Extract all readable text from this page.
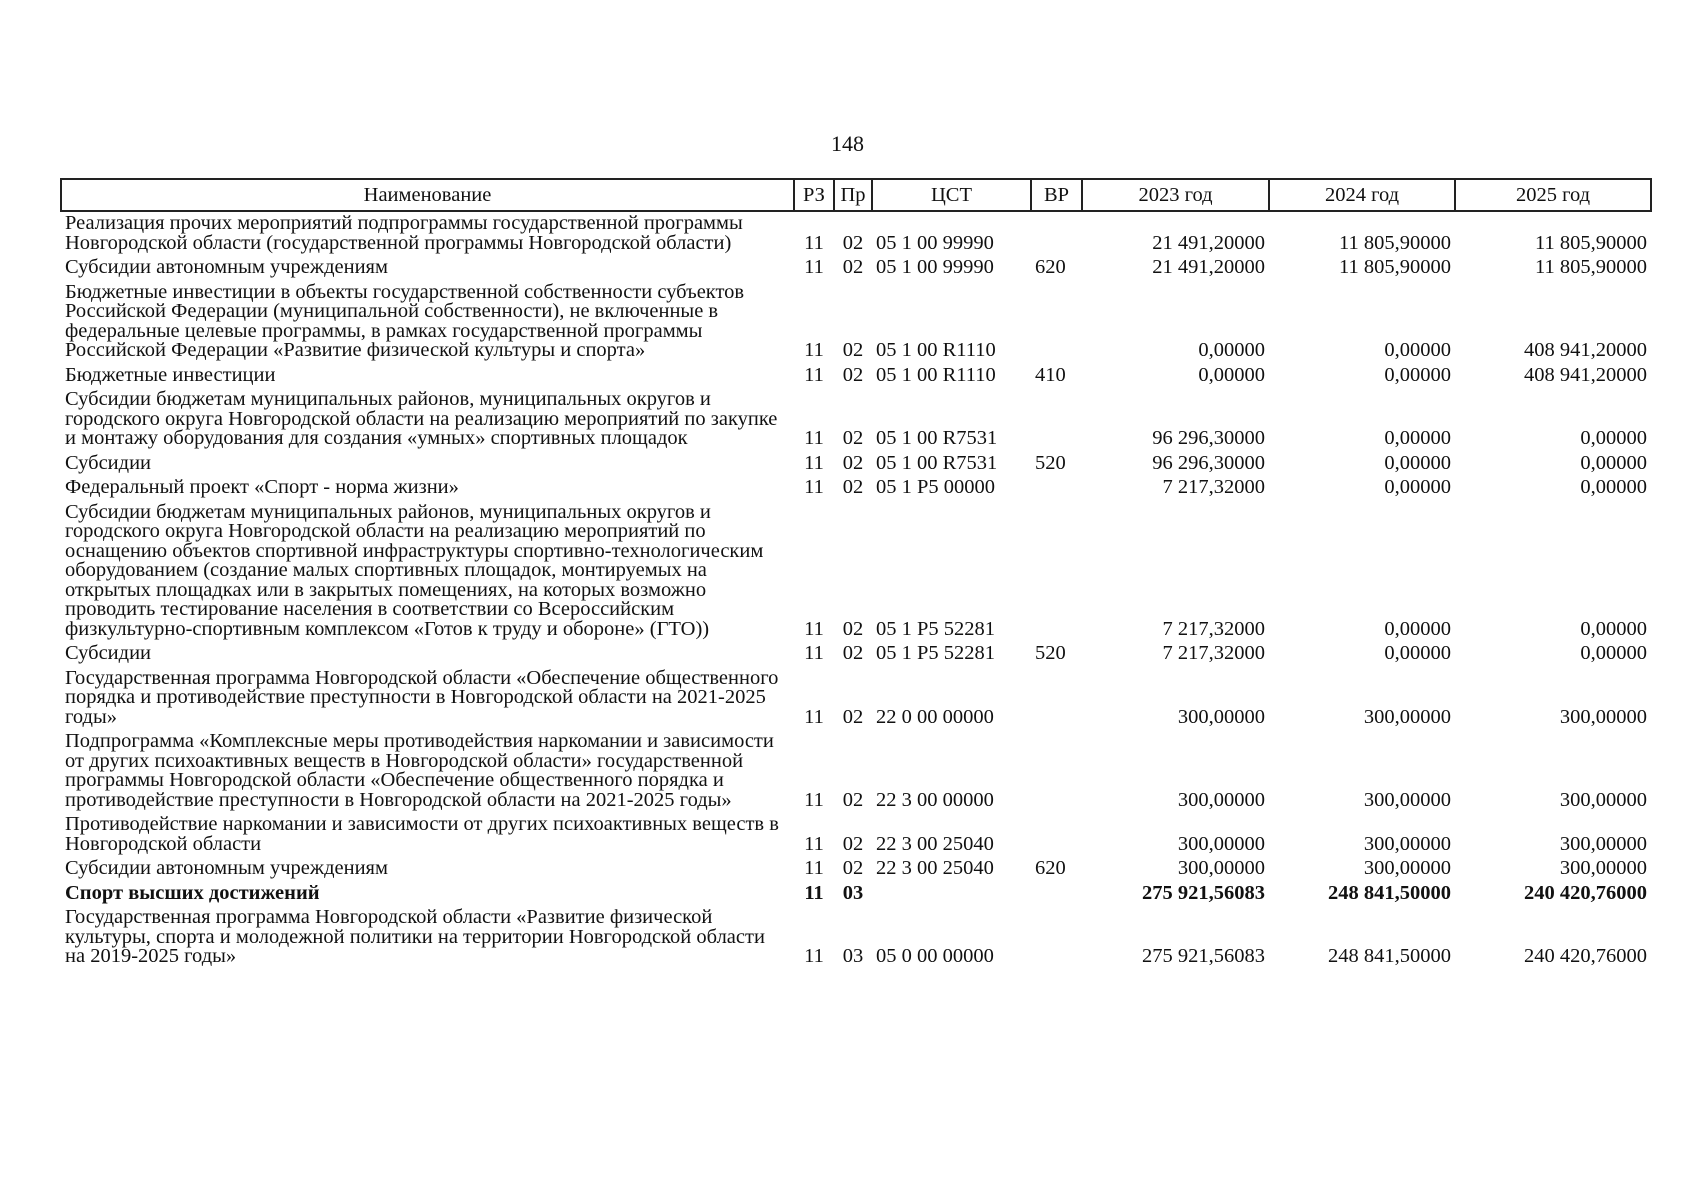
148
Наименование	РЗ	Пр	ЦСТ	ВР	2023 год	2024 год	2025 год
Реализация прочих мероприятий подпрограммы государственной программы Новгородской области (государственной программы Новгородской области)	11	02	05 1 00 99990		21 491,20000	11 805,90000	11 805,90000
Субсидии автономным учреждениям	11	02	05 1 00 99990	620	21 491,20000	11 805,90000	11 805,90000
Бюджетные инвестиции в объекты государственной собственности субъектов Российской Федерации (муниципальной собственности), не включенные в федеральные целевые программы, в рамках государственной программы Российской Федерации «Развитие физической культуры и спорта»	11	02	05 1 00 R1110		0,00000	0,00000	408 941,20000
Бюджетные инвестиции	11	02	05 1 00 R1110	410	0,00000	0,00000	408 941,20000
Субсидии бюджетам муниципальных районов, муниципальных округов и городского округа Новгородской области на реализацию мероприятий по закупке и монтажу оборудования для создания «умных» спортивных площадок	11	02	05 1 00 R7531		96 296,30000	0,00000	0,00000
Субсидии	11	02	05 1 00 R7531	520	96 296,30000	0,00000	0,00000
Федеральный проект «Спорт - норма жизни»	11	02	05 1 P5 00000		7 217,32000	0,00000	0,00000
Субсидии бюджетам муниципальных районов, муниципальных округов и городского округа Новгородской области на реализацию мероприятий по оснащению объектов спортивной инфраструктуры спортивно-технологическим оборудованием (создание малых спортивных площадок, монтируемых на открытых площадках или в закрытых помещениях, на которых возможно проводить тестирование населения в соответствии со Всероссийским физкультурно-спортивным комплексом «Готов к труду и обороне» (ГТО))	11	02	05 1 P5 52281		7 217,32000	0,00000	0,00000
Субсидии	11	02	05 1 P5 52281	520	7 217,32000	0,00000	0,00000
Государственная программа Новгородской области «Обеспечение общественного порядка и противодействие преступности в Новгородской области на 2021-2025 годы»	11	02	22 0 00 00000		300,00000	300,00000	300,00000
Подпрограмма «Комплексные меры противодействия наркомании и зависимости от других психоактивных веществ в Новгородской области» государственной программы Новгородской области «Обеспечение общественного порядка и противодействие преступности в Новгородской области на 2021-2025 годы»	11	02	22 3 00 00000		300,00000	300,00000	300,00000
Противодействие наркомании и зависимости от других психоактивных веществ в Новгородской области	11	02	22 3 00 25040		300,00000	300,00000	300,00000
Субсидии автономным учреждениям	11	02	22 3 00 25040	620	300,00000	300,00000	300,00000
Спорт высших достижений	11	03			275 921,56083	248 841,50000	240 420,76000
Государственная программа Новгородской области «Развитие физической культуры, спорта и молодежной политики на территории Новгородской области на 2019-2025 годы»	11	03	05 0 00 00000		275 921,56083	248 841,50000	240 420,76000
